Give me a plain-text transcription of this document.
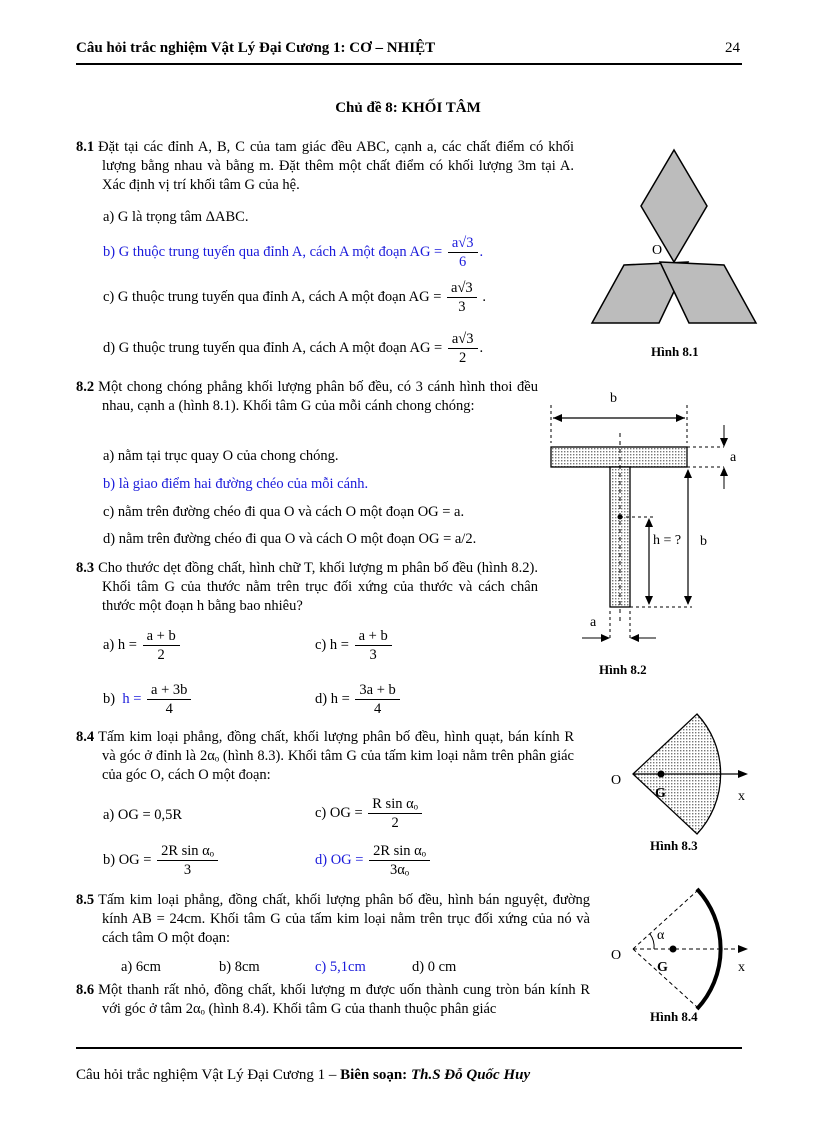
Câu hỏi trắc nghiệm Vật Lý Đại Cương 1: CƠ – NHIỆT	24
Chủ đề 8: KHỐI TÂM
8.1 Đặt tại các đỉnh A, B, C của tam giác đều ABC, cạnh a, các chất điểm có khối lượng bằng nhau và bằng m. Đặt thêm một chất điểm có khối lượng 3m tại A. Xác định vị trí khối tâm G của hệ.
a) G là trọng tâm ΔABC.
b) G thuộc trung tuyến qua đỉnh A, cách A một đoạn AG = $\frac{a√3}{6}$ .
c) G thuộc trung tuyến qua đỉnh A, cách A một đoạn AG = $\frac{a√3}{3}$ .
d) G thuộc trung tuyến qua đỉnh A, cách A một đoạn AG = $\frac{a√3}{2}$ .
8.2 Một chong chóng phẳng khối lượng phân bố đều, có 3 cánh hình thoi đều nhau, cạnh a (hình 8.1). Khối tâm G của mỗi cánh chong chóng:
a) nằm tại trục quay O của chong chóng.
b) là giao điểm hai đường chéo của mỗi cánh.
c) nằm trên đường chéo đi qua O và cách O một đoạn OG = a.
d) nằm trên đường chéo đi qua O và cách O một đoạn OG = a/2.
8.3 Cho thước dẹt đồng chất, hình chữ T, khối lượng m phân bố đều (hình 8.2). Khối tâm G của thước nằm trên trục đối xứng của thước và cách chân thước một đoạn h bằng bao nhiêu?
a) $h = \frac{a + b}{2}$	c) $h = \frac{a + b}{3}$
b) $h = \frac{a + 3b}{4}$	d) $h = \frac{3a + b}{4}$
8.4 Tấm kim loại phẳng, đồng chất, khối lượng phân bố đều, hình quạt, bán kính R và góc ở đỉnh là 2αₒ (hình 8.3). Khối tâm G của tấm kim loại nằm trên phân giác của góc O, cách O một đoạn:
a) OG = 0,5R	c) OG = $\frac{\text{R sin αₒ}}{2}$
b) OG = $\frac{\text{2R sin αₒ}}{3}$	d) OG = $\frac{\text{2R sin αₒ}}{\text{3αₒ}}$
8.5 Tấm kim loại phẳng, đồng chất, khối lượng phân bố đều, hình bán nguyệt, đường kính AB = 24cm. Khối tâm G của tấm kim loại nằm trên trục đối xứng của nó và cách tâm O một đoạn:
a) 6cm	b) 8cm	c) 5,1cm	d) 0 cm
8.6 Một thanh rất nhỏ, đồng chất, khối lượng m được uốn thành cung tròn bán kính R với góc ở tâm 2αₒ (hình 8.4). Khối tâm G của thanh thuộc phân giác
O
Hình 8.1
b
a
b
h = ?
a
Hình 8.2
O
G	x
Hình 8.3
O
α
G	x
Hình 8.4
Câu hỏi trắc nghiệm Vật Lý Đại Cương 1 – Biên soạn: Th.S Đỗ Quốc Huy
